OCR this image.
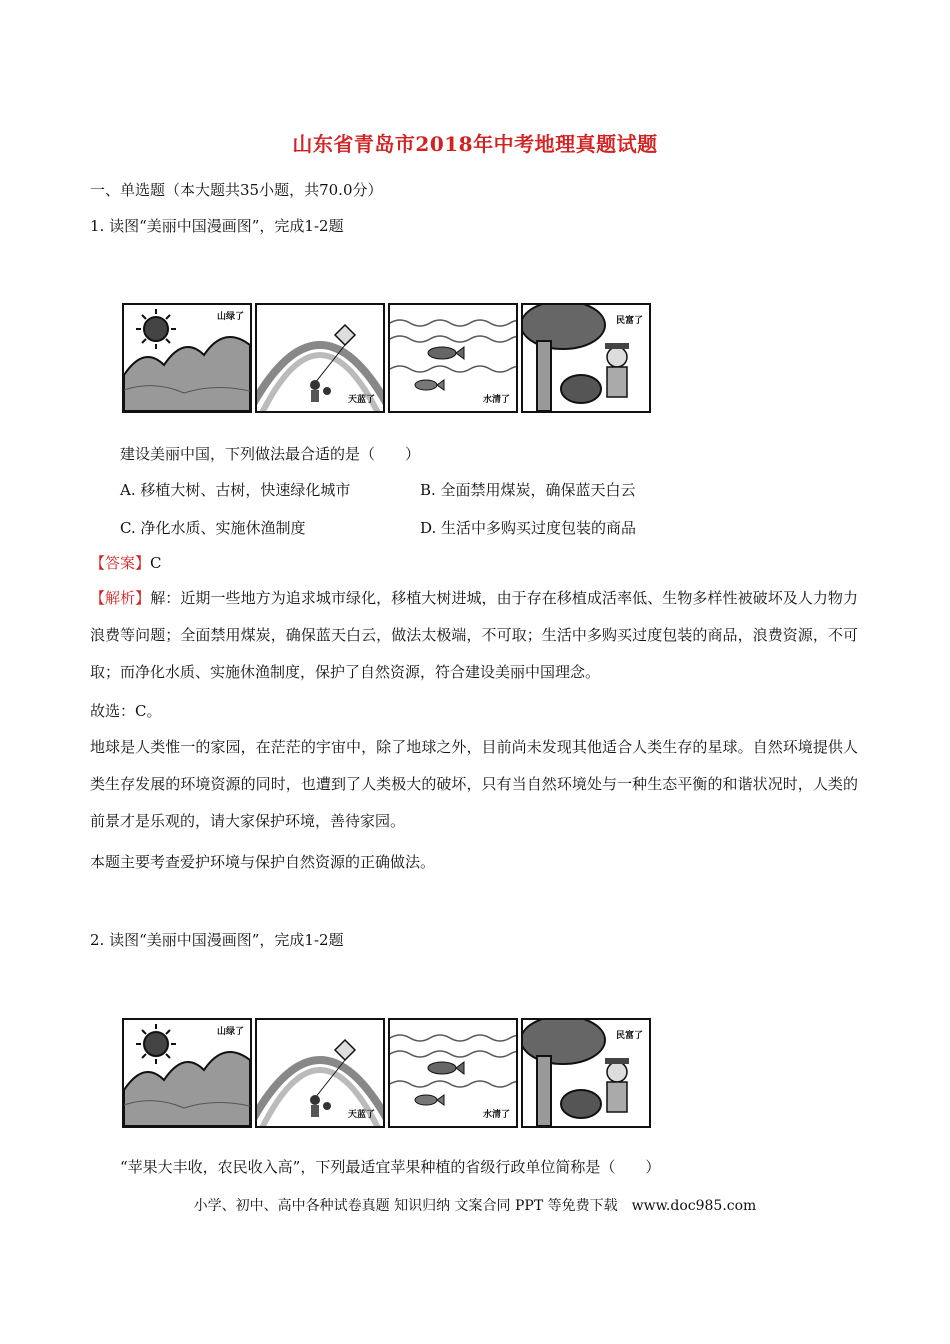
山东省青岛市2018年中考地理真题试题
一、单选题（本大题共35小题，共70.0分）
1. 读图“美丽中国漫画图”，完成1-2题
山绿了
天蓝了	水清了
民富了
建设美丽中国，下列做法最合适的是（　　）
A. 移植大树、古树，快速绿化城市	B. 全面禁用煤炭，确保蓝天白云
C. 净化水质、实施休渔制度	D. 生活中多购买过度包装的商品
【答案】C
【解析】解：近期一些地方为追求城市绿化，移植大树进城，由于存在移植成活率低、生物多样性被破坏及人力物力浪费等问题；全面禁用煤炭，确保蓝天白云，做法太极端，不可取；生活中多购买过度包装的商品，浪费资源，不可取；而净化水质、实施休渔制度，保护了自然资源，符合建设美丽中国理念。
故选：C。
地球是人类惟一的家园，在茫茫的宇宙中，除了地球之外，目前尚未发现其他适合人类生存的星球。自然环境提供人类生存发展的环境资源的同时，也遭到了人类极大的破坏，只有当自然环境处与一种生态平衡的和谐状况时，人类的前景才是乐观的，请大家保护环境，善待家园。
本题主要考查爱护环境与保护自然资源的正确做法。
2. 读图“美丽中国漫画图”，完成1-2题
山绿了
天蓝了	水清了
民富了
“苹果大丰收，农民收入高”，下列最适宜苹果种植的省级行政单位简称是（　　）
小学、初中、高中各种试卷真题 知识归纳 文案合同 PPT 等免费下载　www.doc985.com
